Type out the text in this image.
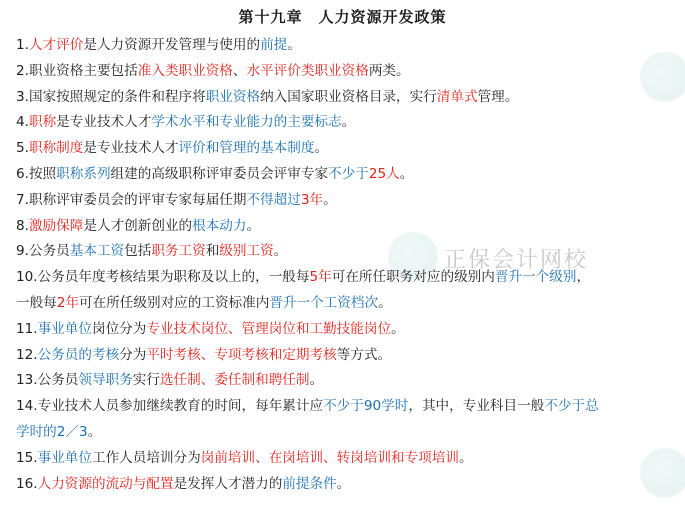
正保会计网校
第十九章　人力资源开发政策
1.人才评价是人力资源开发管理与使用的前提。
2.职业资格主要包括准入类职业资格、水平评价类职业资格两类。
3.国家按照规定的条件和程序将职业资格纳入国家职业资格目录，实行清单式管理。
4.职称是专业技术人才学术水平和专业能力的主要标志。
5.职称制度是专业技术人才评价和管理的基本制度。
6.按照职称系列组建的高级职称评审委员会评审专家不少于25人。
7.职称评审委员会的评审专家每届任期不得超过3年。
8.激励保障是人才创新创业的根本动力。
9.公务员基本工资包括职务工资和级别工资。
10.公务员年度考核结果为职称及以上的，一般每5年可在所任职务对应的级别内晋升一个级别，
一般每2年可在所任级别对应的工资标准内晋升一个工资档次。
11.事业单位岗位分为专业技术岗位、管理岗位和工勤技能岗位。
12.公务员的考核分为平时考核、专项考核和定期考核等方式。
13.公务员领导职务实行选任制、委任制和聘任制。
14.专业技术人员参加继续教育的时间，每年累计应不少于90学时，其中，专业科目一般不少于总
学时的2／3。
15.事业单位工作人员培训分为岗前培训、在岗培训、转岗培训和专项培训。
16.人力资源的流动与配置是发挥人才潜力的前提条件。
